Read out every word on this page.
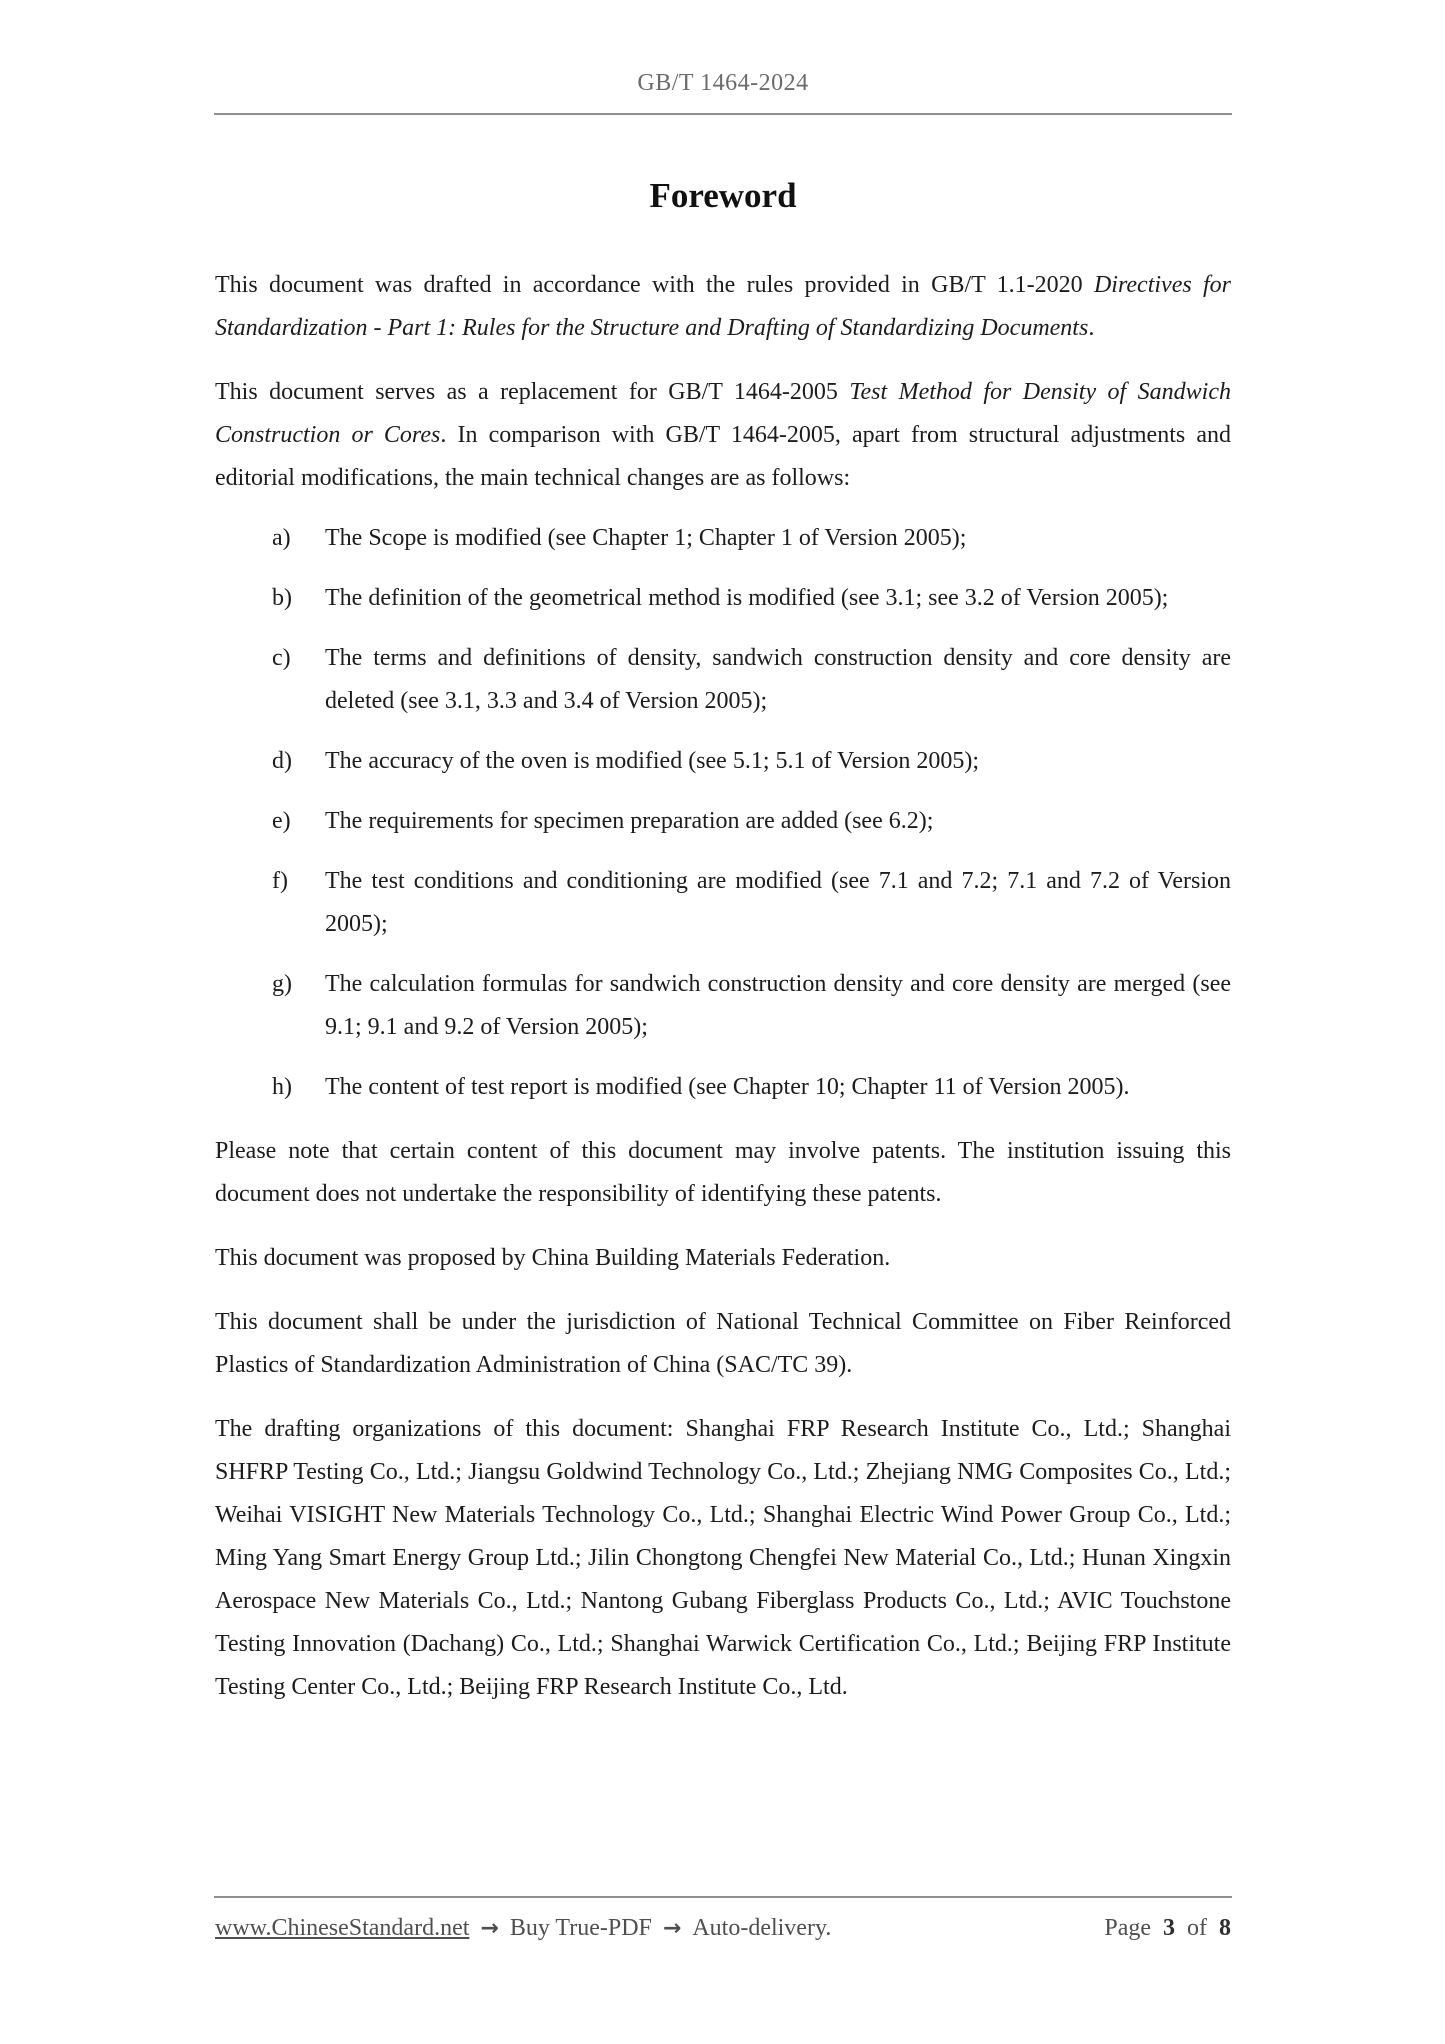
GB/T 1464-2024
Foreword

This document was drafted in accordance with the rules provided in GB/T 1.1-2020 Directives for Standardization - Part 1: Rules for the Structure and Drafting of Standardizing Documents.

This document serves as a replacement for GB/T 1464-2005 Test Method for Density of Sandwich Construction or Cores. In comparison with GB/T 1464-2005, apart from structural adjustments and editorial modifications, the main technical changes are as follows:

a) The Scope is modified (see Chapter 1; Chapter 1 of Version 2005);
b) The definition of the geometrical method is modified (see 3.1; see 3.2 of Version 2005);
c) The terms and definitions of density, sandwich construction density and core density are deleted (see 3.1, 3.3 and 3.4 of Version 2005);
d) The accuracy of the oven is modified (see 5.1; 5.1 of Version 2005);
e) The requirements for specimen preparation are added (see 6.2);
f) The test conditions and conditioning are modified (see 7.1 and 7.2; 7.1 and 7.2 of Version 2005);
g) The calculation formulas for sandwich construction density and core density are merged (see 9.1; 9.1 and 9.2 of Version 2005);
h) The content of test report is modified (see Chapter 10; Chapter 11 of Version 2005).

Please note that certain content of this document may involve patents. The institution issuing this document does not undertake the responsibility of identifying these patents.

This document was proposed by China Building Materials Federation.

This document shall be under the jurisdiction of National Technical Committee on Fiber Reinforced Plastics of Standardization Administration of China (SAC/TC 39).

The drafting organizations of this document: Shanghai FRP Research Institute Co., Ltd.; Shanghai SHFRP Testing Co., Ltd.; Jiangsu Goldwind Technology Co., Ltd.; Zhejiang NMG Composites Co., Ltd.; Weihai VISIGHT New Materials Technology Co., Ltd.; Shanghai Electric Wind Power Group Co., Ltd.; Ming Yang Smart Energy Group Ltd.; Jilin Chongtong Chengfei New Material Co., Ltd.; Hunan Xingxin Aerospace New Materials Co., Ltd.; Nantong Gubang Fiberglass Products Co., Ltd.; AVIC Touchstone Testing Innovation (Dachang) Co., Ltd.; Shanghai Warwick Certification Co., Ltd.; Beijing FRP Institute Testing Center Co., Ltd.; Beijing FRP Research Institute Co., Ltd.

www.ChineseStandard.net → Buy True-PDF → Auto-delivery.	Page 3 of 8
